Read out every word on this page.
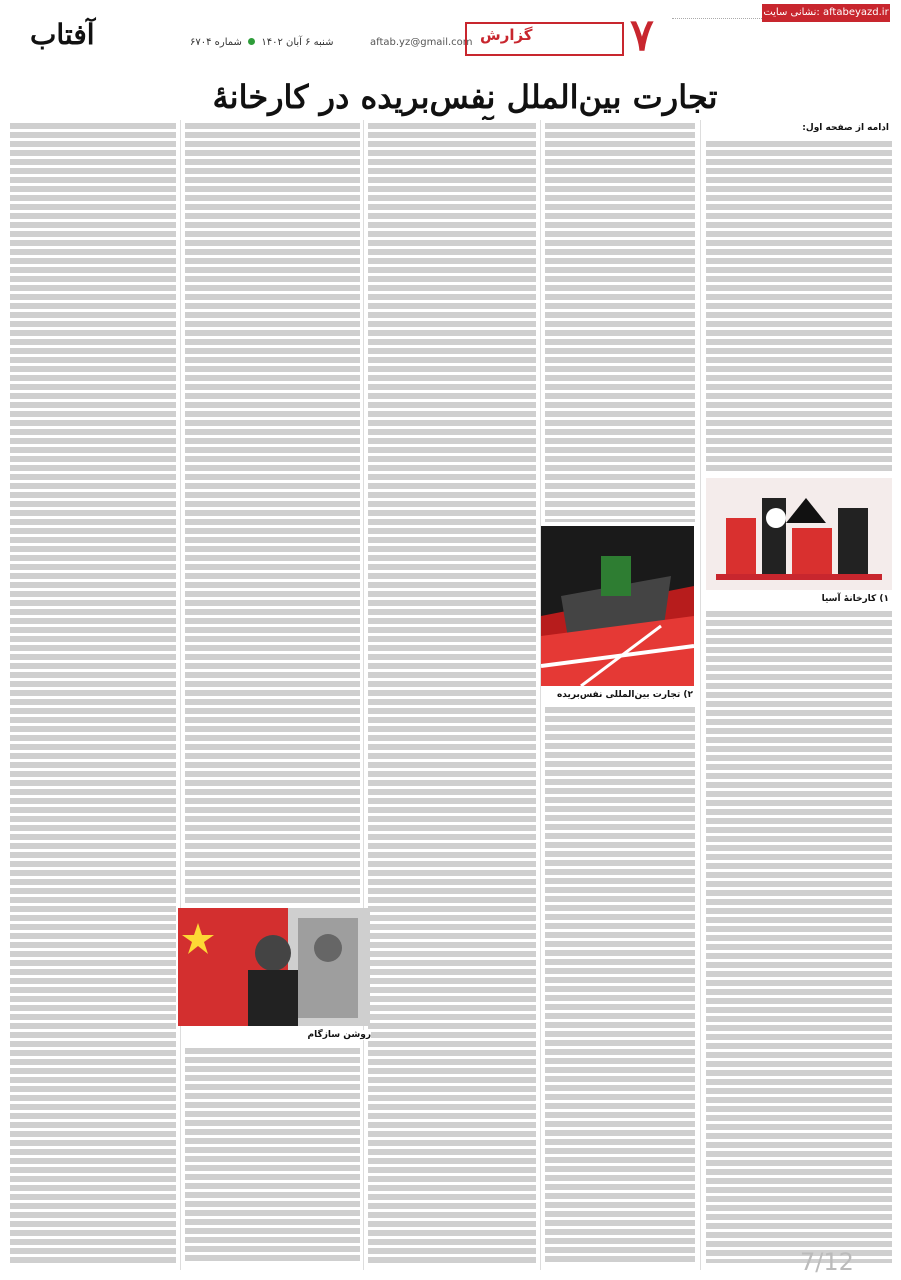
آفتاب	شنبه ۶ آبان ۱۴۰۲  شماره ۶۷۰۴	aftab.yz@gmail.com گزارش ۷	نشانی سایت: aftabeyazd.ir
تجارت بین‌الملل نفس‌بریده در کارخانهٔ
ادامه از صفحه اول:
۱) کارخانهٔ آسیا
۲) تجارت بین‌المللی نفس‌بریده
روشن سازگام
7/12
